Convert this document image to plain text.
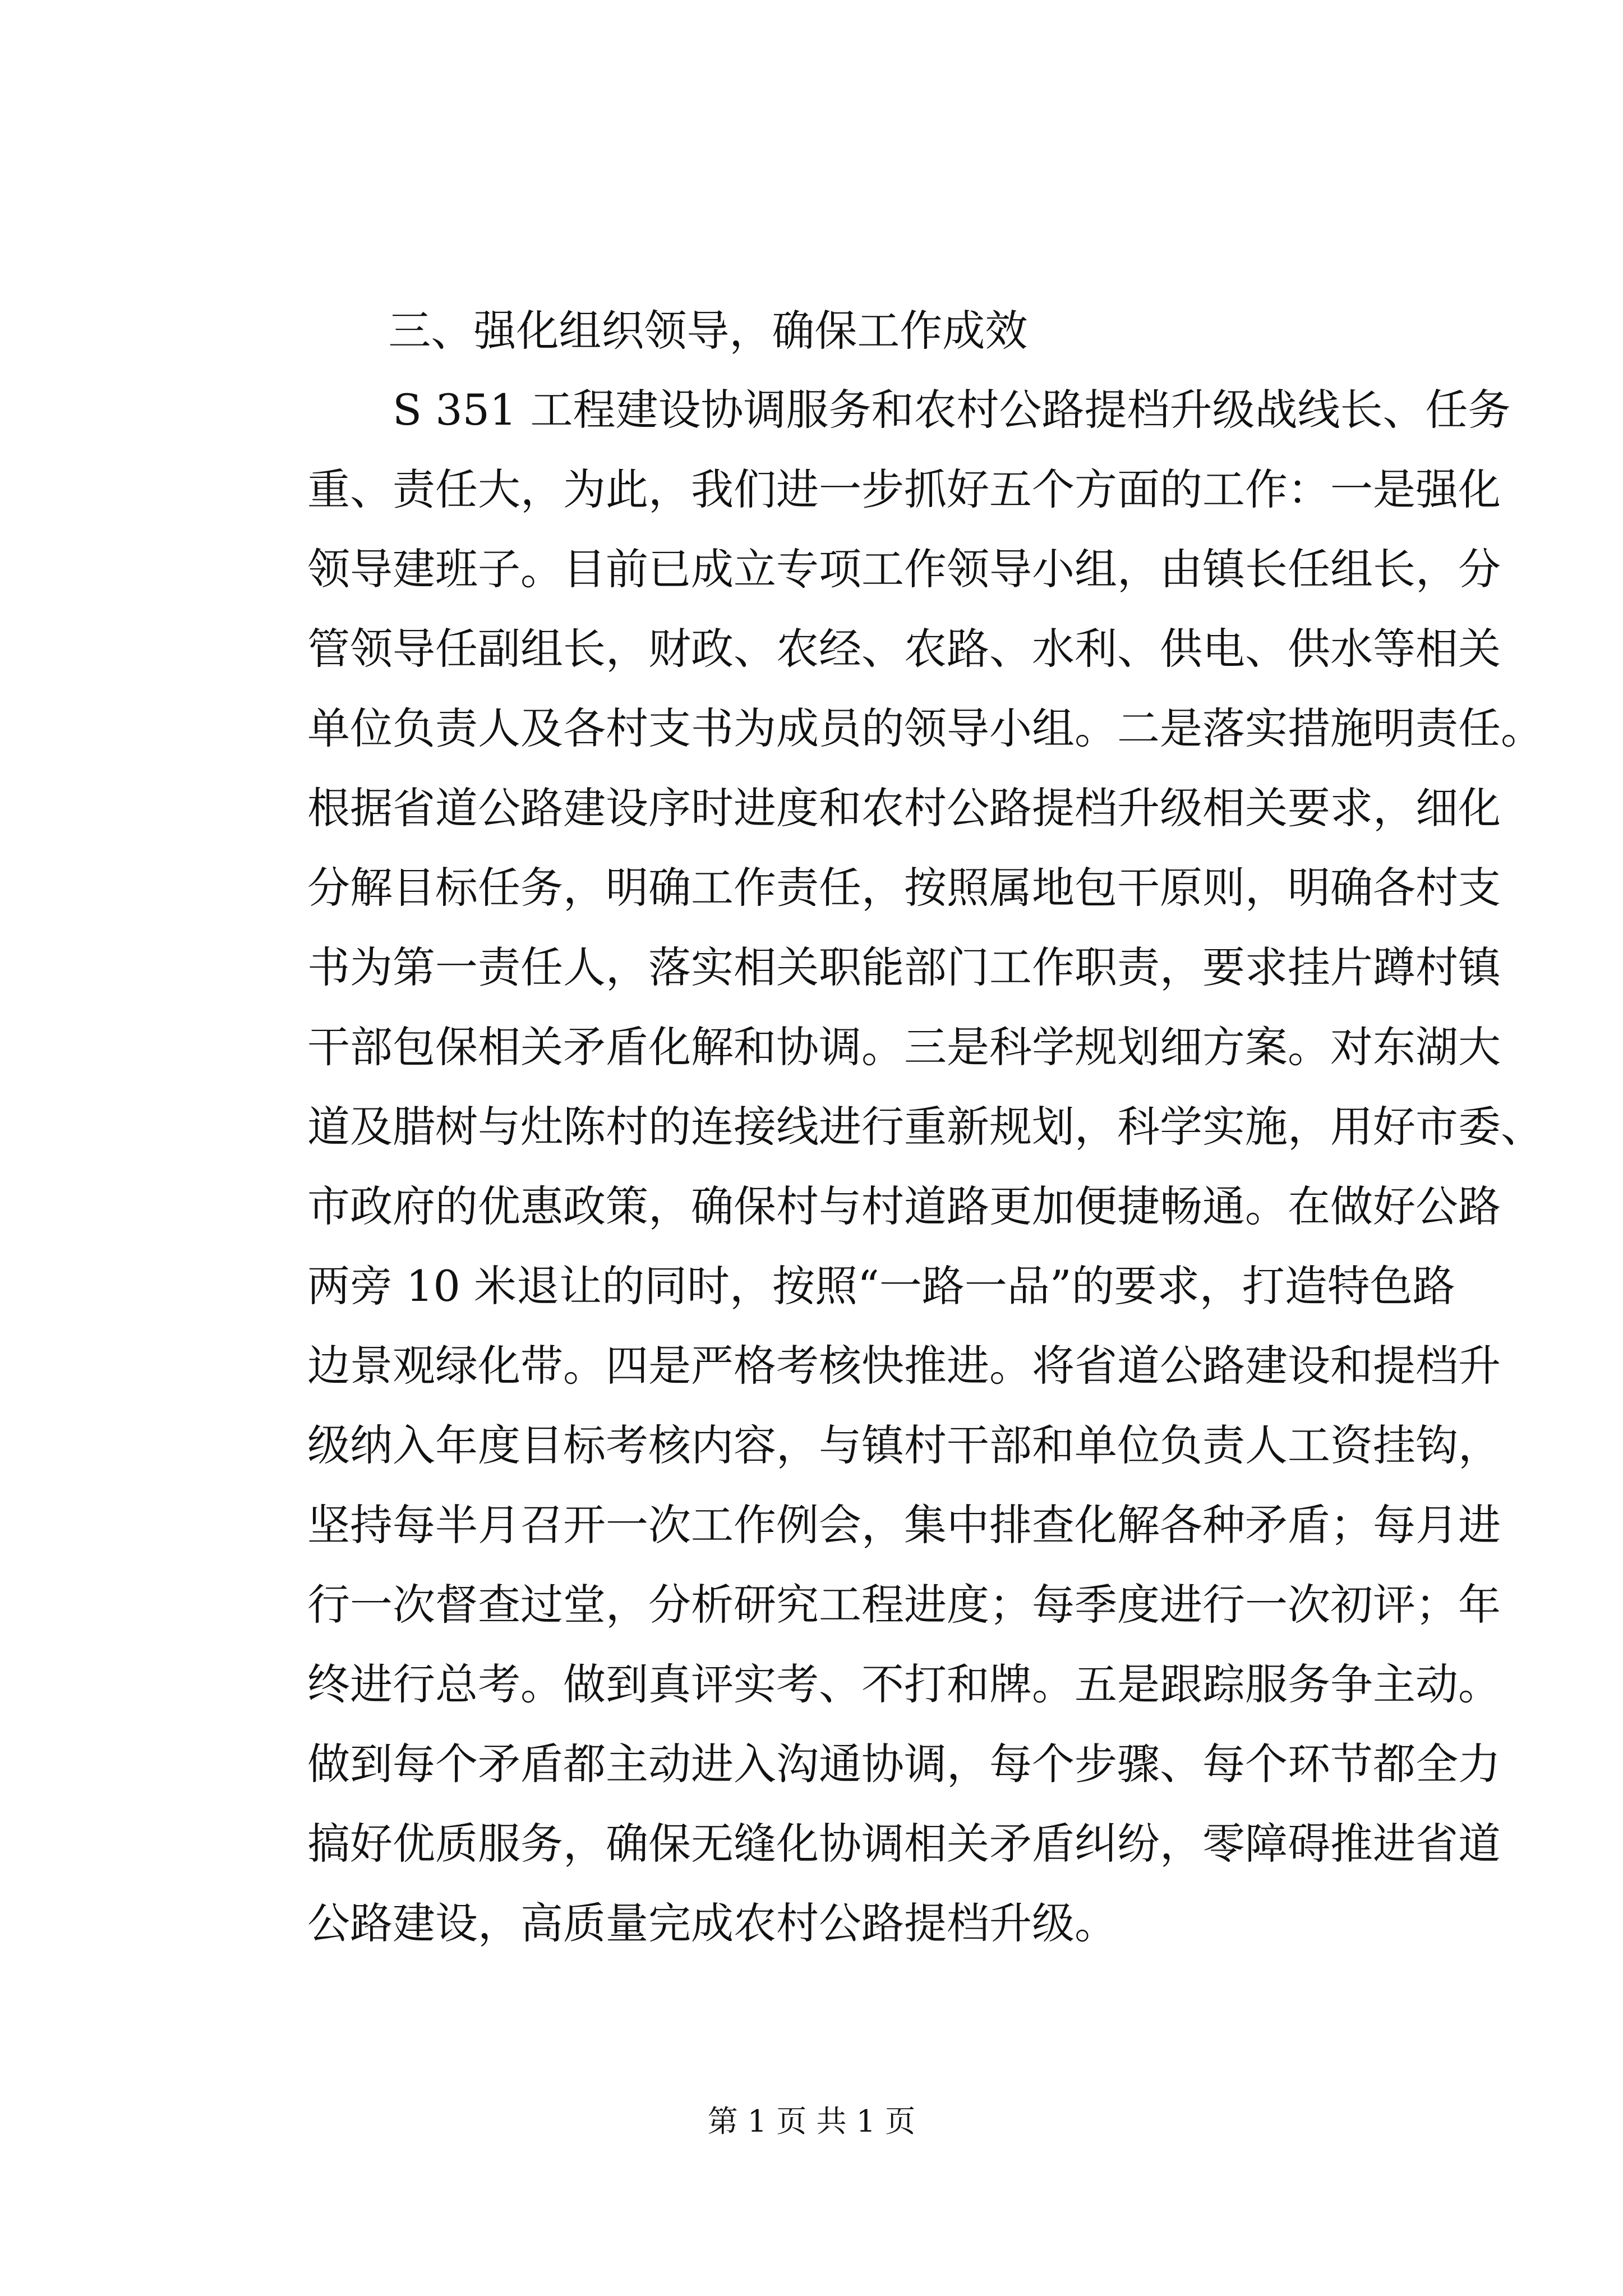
三、强化组织领导，确保工作成效

S 351 工程建设协调服务和农村公路提档升级战线长、任务
重、责任大，为此，我们进一步抓好五个方面的工作：一是强化
领导建班子。目前已成立专项工作领导小组，由镇长任组长，分
管领导任副组长，财政、农经、农路、水利、供电、供水等相关
单位负责人及各村支书为成员的领导小组。二是落实措施明责任。
根据省道公路建设序时进度和农村公路提档升级相关要求，细化
分解目标任务，明确工作责任，按照属地包干原则，明确各村支
书为第一责任人，落实相关职能部门工作职责，要求挂片蹲村镇
干部包保相关矛盾化解和协调。三是科学规划细方案。对东湖大
道及腊树与灶陈村的连接线进行重新规划，科学实施，用好市委、
市政府的优惠政策，确保村与村道路更加便捷畅通。在做好公路
两旁 10 米退让的同时，按照“一路一品”的要求，打造特色路
边景观绿化带。四是严格考核快推进。将省道公路建设和提档升
级纳入年度目标考核内容，与镇村干部和单位负责人工资挂钩，
坚持每半月召开一次工作例会，集中排查化解各种矛盾；每月进
行一次督查过堂，分析研究工程进度；每季度进行一次初评；年
终进行总考。做到真评实考、不打和牌。五是跟踪服务争主动。
做到每个矛盾都主动进入沟通协调，每个步骤、每个环节都全力
搞好优质服务，确保无缝化协调相关矛盾纠纷，零障碍推进省道
公路建设，高质量完成农村公路提档升级。
第 1 页 共 1 页
